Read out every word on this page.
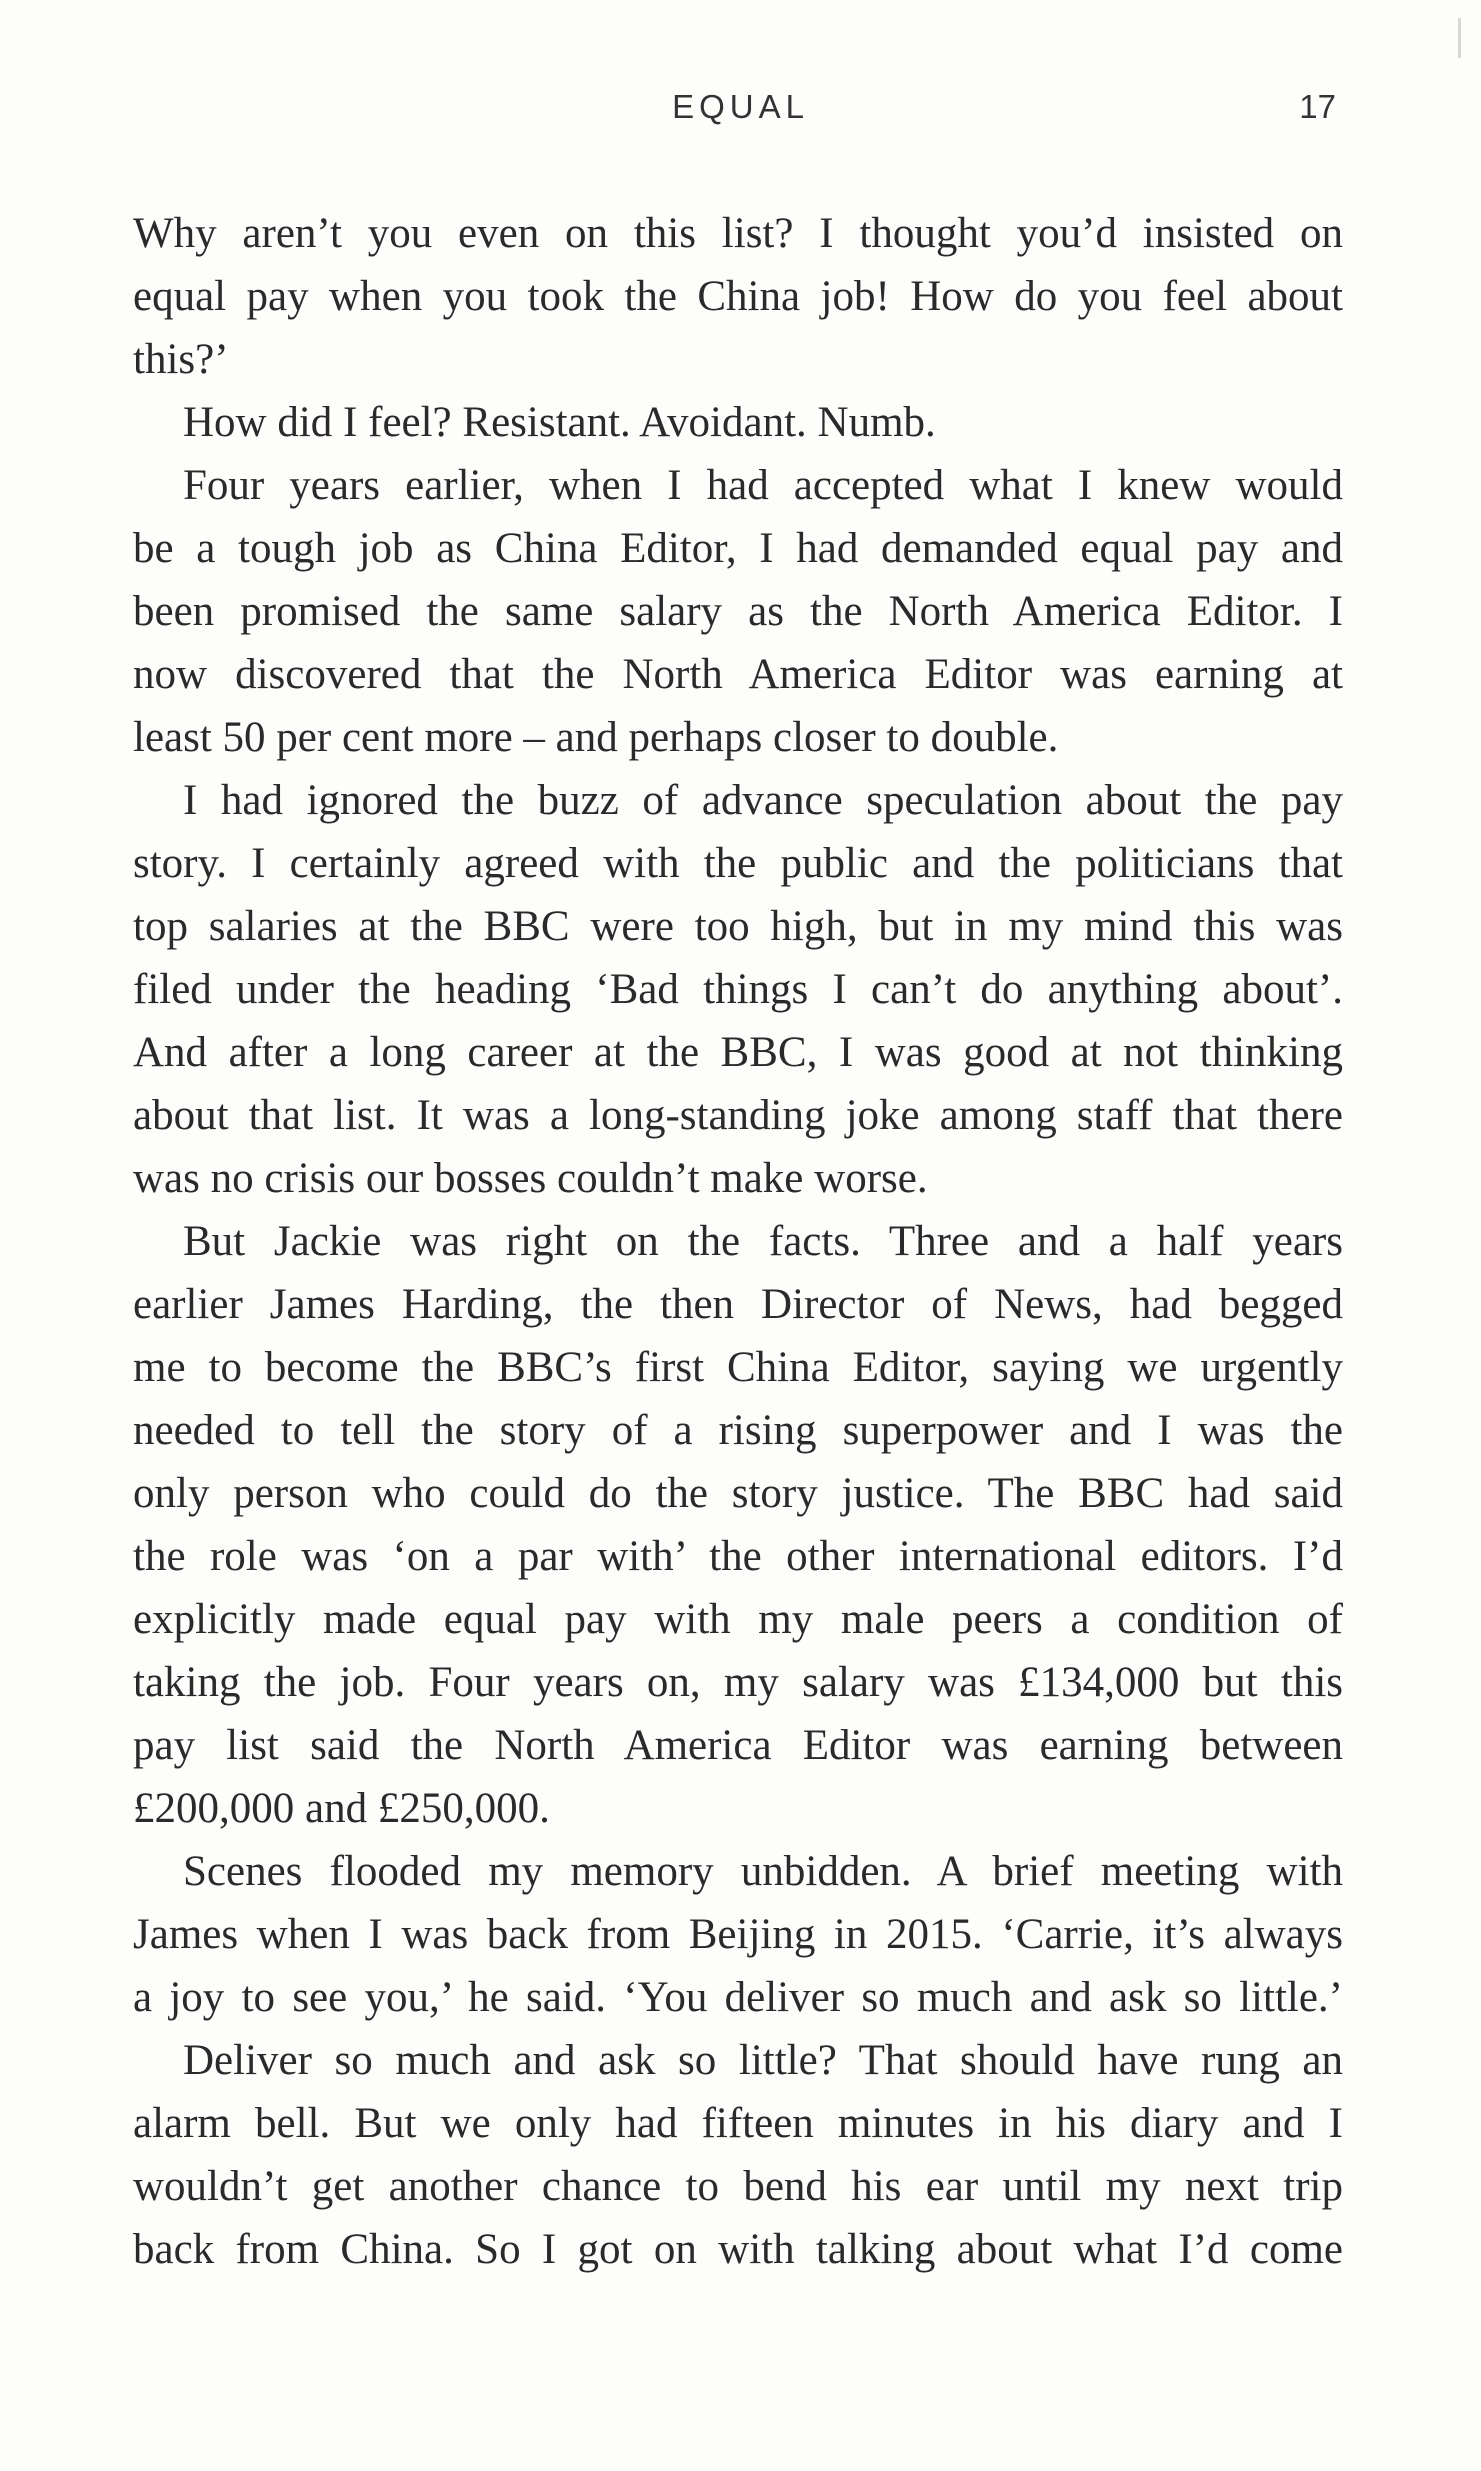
EQUAL	17
Why aren’t you even on this list? I thought you’d insisted on
equal pay when you took the China job! How do you feel about
this?’
How did I feel? Resistant. Avoidant. Numb.
Four years earlier, when I had accepted what I knew would
be a tough job as China Editor, I had demanded equal pay and
been promised the same salary as the North America Editor. I
now discovered that the North America Editor was earning at
least 50 per cent more – and perhaps closer to double.
I had ignored the buzz of advance speculation about the pay
story. I certainly agreed with the public and the politicians that
top salaries at the BBC were too high, but in my mind this was
filed under the heading ‘Bad things I can’t do anything about’.
And after a long career at the BBC, I was good at not thinking
about that list. It was a long-standing joke among staff that there
was no crisis our bosses couldn’t make worse.
But Jackie was right on the facts. Three and a half years
earlier James Harding, the then Director of News, had begged
me to become the BBC’s first China Editor, saying we urgently
needed to tell the story of a rising superpower and I was the
only person who could do the story justice. The BBC had said
the role was ‘on a par with’ the other international editors. I’d
explicitly made equal pay with my male peers a condition of
taking the job. Four years on, my salary was £134,000 but this
pay list said the North America Editor was earning between
£200,000 and £250,000.
Scenes flooded my memory unbidden. A brief meeting with
James when I was back from Beijing in 2015. ‘Carrie, it’s always
a joy to see you,’ he said. ‘You deliver so much and ask so little.’
Deliver so much and ask so little? That should have rung an
alarm bell. But we only had fifteen minutes in his diary and I
wouldn’t get another chance to bend his ear until my next trip
back from China. So I got on with talking about what I’d come
